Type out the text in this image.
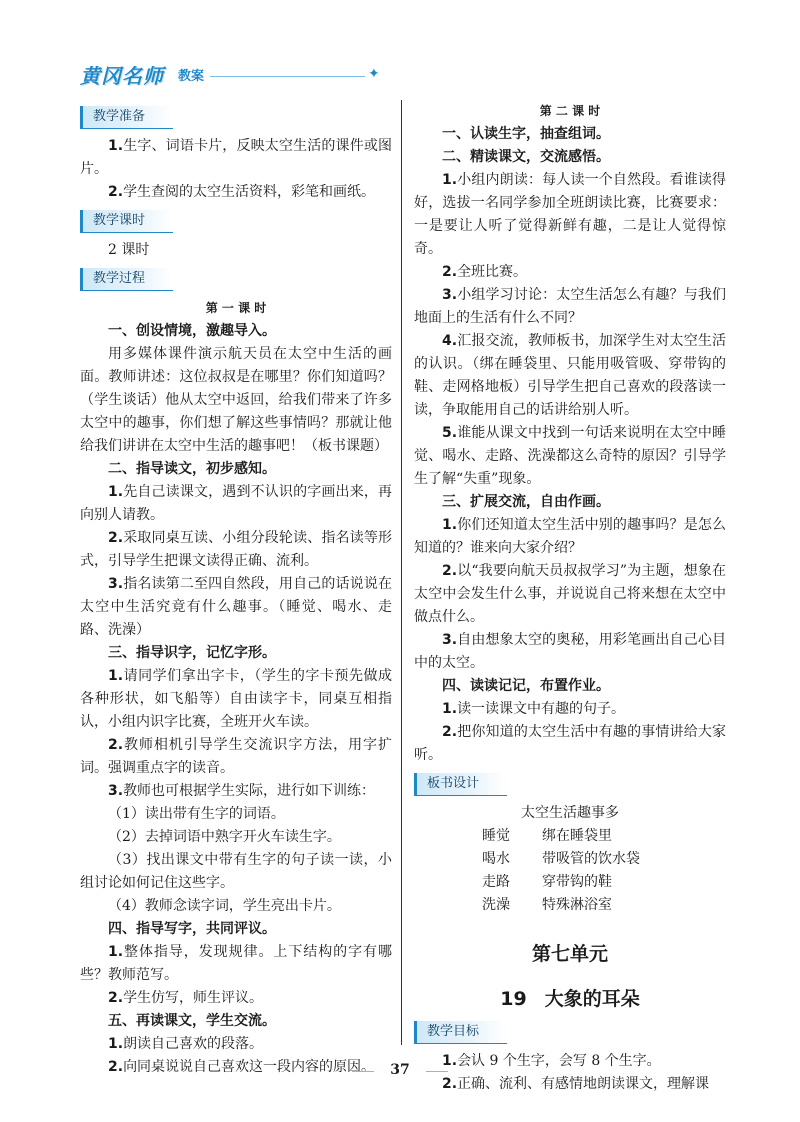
黄冈名师 教案	✦
教学准备

1.生字、词语卡片，反映太空生活的课件或图片。

2.学生查阅的太空生活资料，彩笔和画纸。

教学课时

2 课时

教学过程
第 一 课 时
一、创设情境，激趣导入。

用多媒体课件演示航天员在太空中生活的画面。教师讲述：这位叔叔是在哪里？你们知道吗？（学生谈话）他从太空中返回，给我们带来了许多太空中的趣事，你们想了解这些事情吗？那就让他给我们讲讲在太空中生活的趣事吧！（板书课题）

二、指导读文，初步感知。

1.先自己读课文，遇到不认识的字画出来，再向别人请教。

2.采取同桌互读、小组分段轮读、指名读等形式，引导学生把课文读得正确、流利。

3.指名读第二至四自然段，用自己的话说说在太空中生活究竟有什么趣事。（睡觉、喝水、走路、洗澡）

三、指导识字，记忆字形。

1.请同学们拿出字卡，（学生的字卡预先做成各种形状，如飞船等）自由读字卡，同桌互相指认，小组内识字比赛，全班开火车读。

2.教师相机引导学生交流识字方法，用字扩词。强调重点字的读音。

3.教师也可根据学生实际，进行如下训练：

（1）读出带有生字的词语。

（2）去掉词语中熟字开火车读生字。

（3）找出课文中带有生字的句子读一读，小组讨论如何记住这些字。

（4）教师念读字词，学生亮出卡片。

四、指导写字，共同评议。

1.整体指导，发现规律。上下结构的字有哪些？教师范写。

2.学生仿写，师生评议。

五、再读课文，学生交流。

1.朗读自己喜欢的段落。

2.向同桌说说自己喜欢这一段内容的原因。

第 二 课 时
一、认读生字，抽查组词。
二、精读课文，交流感悟。

1.小组内朗读：每人读一个自然段。看谁读得好，选拔一名同学参加全班朗读比赛，比赛要求：一是要让人听了觉得新鲜有趣，二是让人觉得惊奇。

2.全班比赛。

3.小组学习讨论：太空生活怎么有趣？与我们地面上的生活有什么不同？

4.汇报交流，教师板书，加深学生对太空生活的认识。（绑在睡袋里、只能用吸管吸、穿带钩的鞋、走网格地板）引导学生把自己喜欢的段落读一读，争取能用自己的话讲给别人听。

5.谁能从课文中找到一句话来说明在太空中睡觉、喝水、走路、洗澡都这么奇特的原因？引导学生了解“失重”现象。

三、扩展交流，自由作画。

1.你们还知道太空生活中别的趣事吗？是怎么知道的？谁来向大家介绍？

2.以“我要向航天员叔叔学习”为主题，想象在太空中会发生什么事，并说说自己将来想在太空中做点什么。

3.自由想象太空的奥秘，用彩笔画出自己心目中的太空。

四、读读记记，布置作业。

1.读一读课文中有趣的句子。

2.把你知道的太空生活中有趣的事情讲给大家听。

板书设计
太空生活趣事多
睡觉	绑在睡袋里
喝水	带吸管的饮水袋
走路	穿带钩的鞋
洗澡	特殊淋浴室
第七单元
19 大象的耳朵
教学目标

1.会认 9 个生字，会写 8 个生字。

2.正确、流利、有感情地朗读课文，理解课

37
